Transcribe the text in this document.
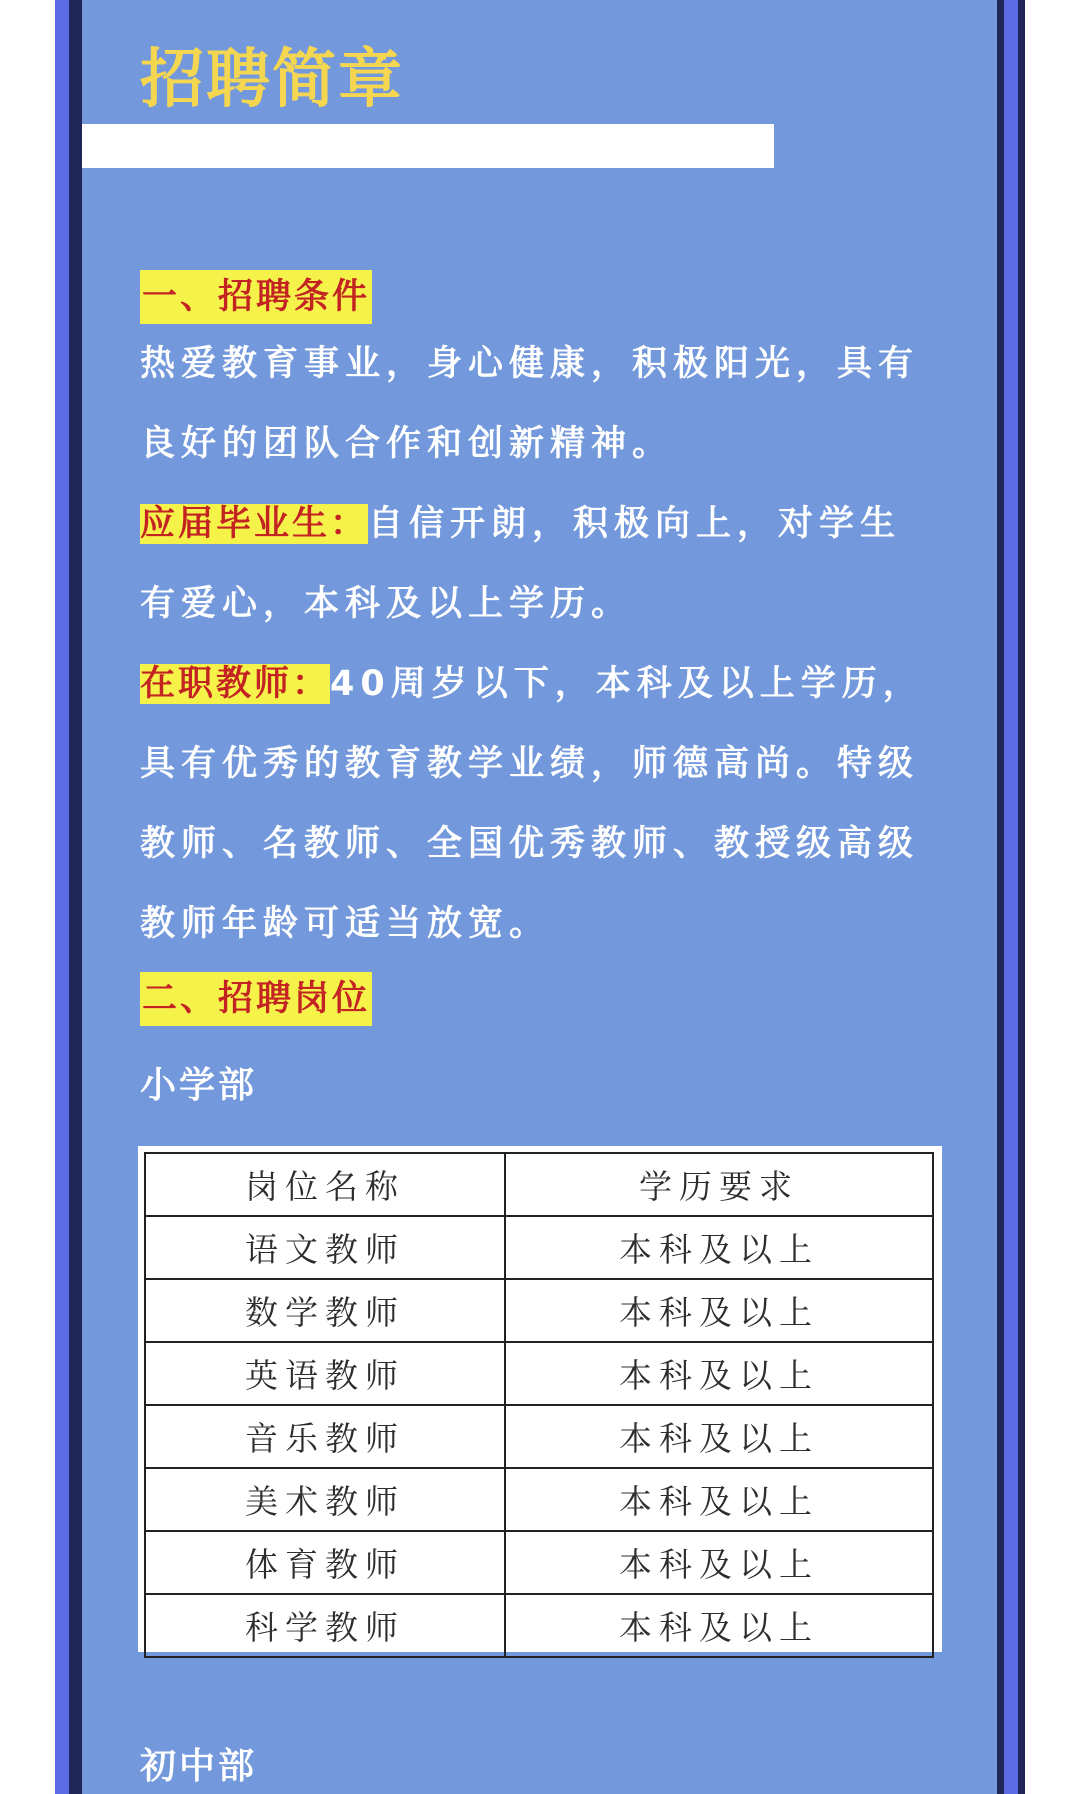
招聘简章
一、招聘条件

热爱教育事业，身心健康，积极阳光，具有良好的团队合作和创新精神。

应届毕业生：自信开朗，积极向上，对学生有爱心，本科及以上学历。

在职教师：40周岁以下，本科及以上学历，具有优秀的教育教学业绩，师德高尚。特级教师、名教师、全国优秀教师、教授级高级教师年龄可适当放宽。

二、招聘岗位
小学部
岗位名称	学历要求
语文教师	本科及以上
数学教师	本科及以上
英语教师	本科及以上
音乐教师	本科及以上
美术教师	本科及以上
体育教师	本科及以上
科学教师	本科及以上
初中部
